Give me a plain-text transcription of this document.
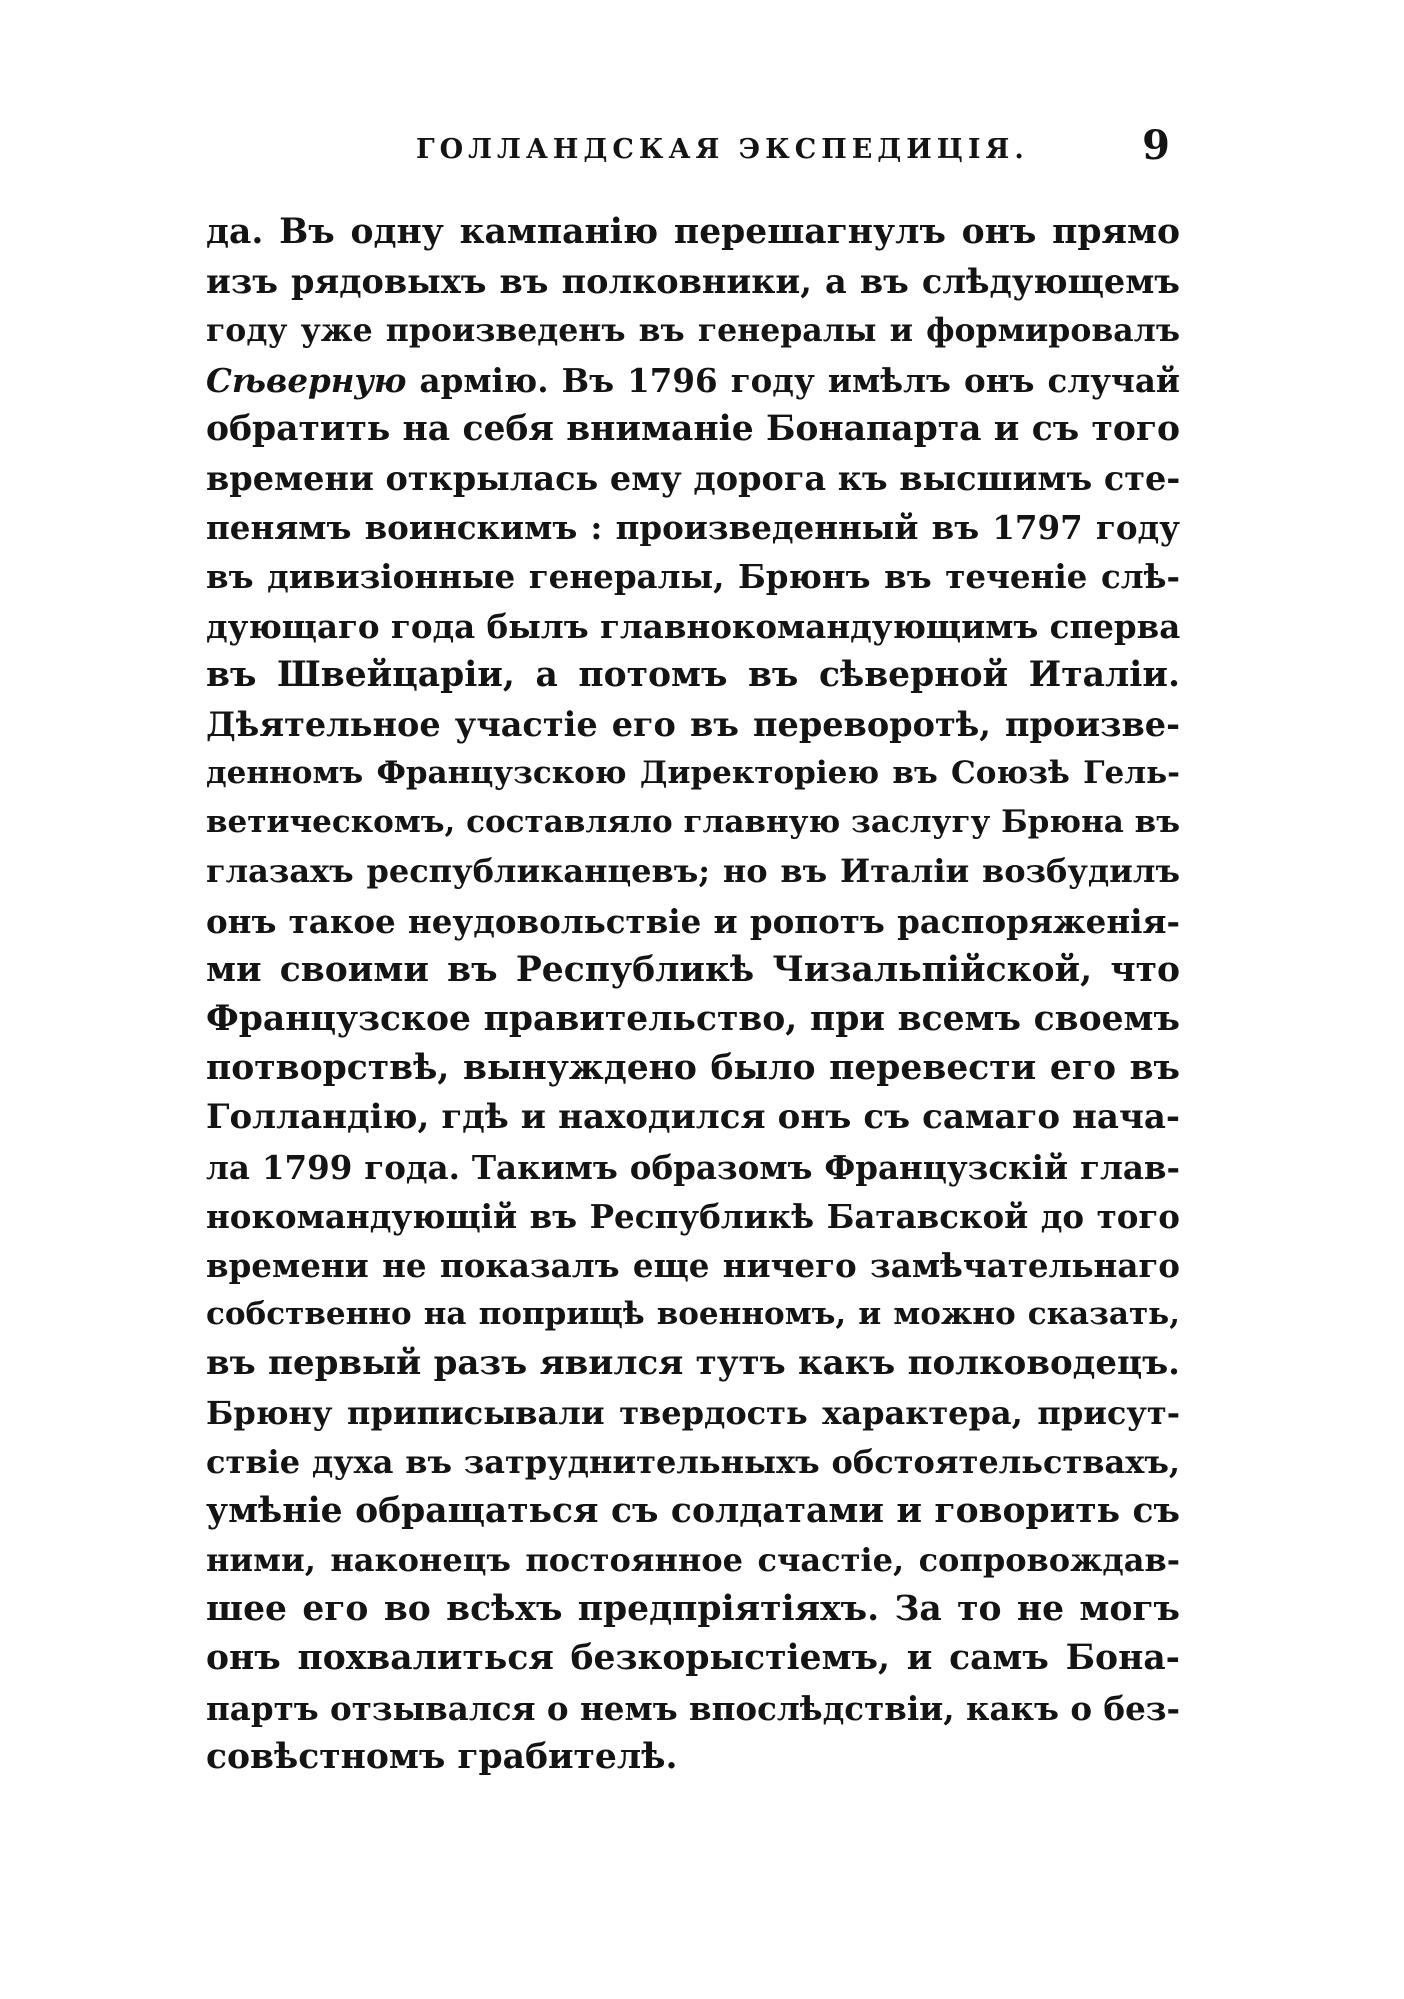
ГОЛЛАНДСКАЯ ЭКСПЕДИЦІЯ.	9
да. Въ одну кампанію перешагнулъ онъ прямо
изъ рядовыхъ въ полковники, а въ слѣдующемъ
году уже произведенъ въ генералы и формировалъ
Сѣверную армію. Въ 1796 году имѣлъ онъ случай
обратить на себя вниманіе Бонапарта и съ того
времени открылась ему дорога къ высшимъ сте-
пенямъ воинскимъ : произведенный въ 1797 году
въ дивизіонные генералы, Брюнъ въ теченіе слѣ-
дующаго года былъ главнокомандующимъ сперва
въ Швейцаріи, а потомъ въ сѣверной Италіи.
Дѣятельное участіе его въ переворотѣ, произве-
денномъ Французскою Директоріею въ Союзѣ Гель-
ветическомъ, составляло главную заслугу Брюна въ
глазахъ республиканцевъ; но въ Италіи возбудилъ
онъ такое неудовольствіе и ропотъ распоряженія-
ми своими въ Республикѣ Чизальпійской, что
Французское правительство, при всемъ своемъ
потворствѣ, вынуждено было перевести его въ
Голландію, гдѣ и находился онъ съ самаго нача-
ла 1799 года. Такимъ образомъ Французскій глав-
нокомандующій въ Республикѣ Батавской до того
времени не показалъ еще ничего замѣчательнаго
собственно на поприщѣ военномъ, и можно сказать,
въ первый разъ явился тутъ какъ полководецъ.
Брюну приписывали твердость характера, присут-
ствіе духа въ затруднительныхъ обстоятельствахъ,
умѣніе обращаться съ солдатами и говорить съ
ними, наконецъ постоянное счастіе, сопровождав-
шее его во всѣхъ предпріятіяхъ. За то не могъ
онъ похвалиться безкорыстіемъ, и самъ Бона-
партъ отзывался о немъ впослѣдствіи, какъ о без-
совѣстномъ грабителѣ.
